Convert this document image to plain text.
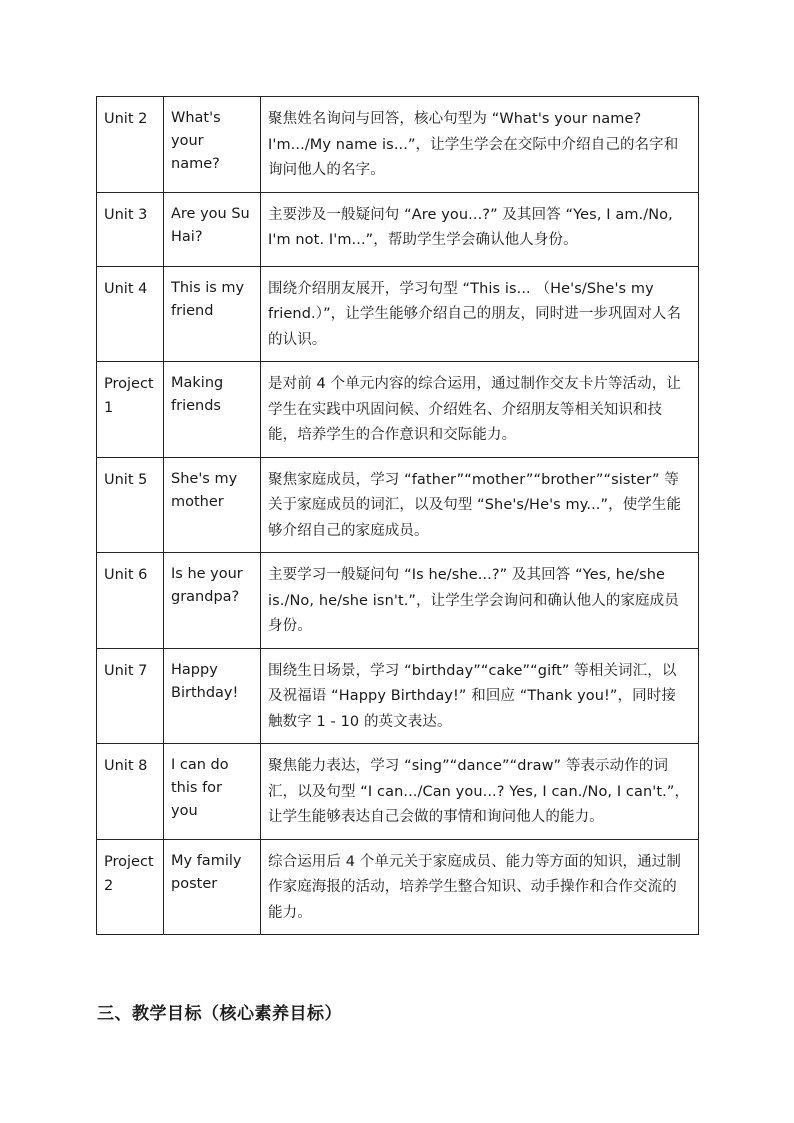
Unit 2	What's your name?	聚焦姓名询问与回答，核心句型为 “What's your name? I'm.../My name is...”，让学生学会在交际中介绍自己的名字和询问他人的名字。
Unit 3	Are you Su Hai?	主要涉及一般疑问句 “Are you...?” 及其回答 “Yes, I am./No, I'm not. I'm...”，帮助学生学会确认他人身份。
Unit 4	This is my friend	围绕介绍朋友展开，学习句型 “This is... （He's/She's my friend.）”，让学生能够介绍自己的朋友，同时进一步巩固对人名的认识。
Project 1	Making friends	是对前 4 个单元内容的综合运用，通过制作交友卡片等活动，让学生在实践中巩固问候、介绍姓名、介绍朋友等相关知识和技能，培养学生的合作意识和交际能力。
Unit 5	She's my mother	聚焦家庭成员，学习 “father”“mother”“brother”“sister” 等关于家庭成员的词汇，以及句型 “She's/He's my...”，使学生能够介绍自己的家庭成员。
Unit 6	Is he your grandpa?	主要学习一般疑问句 “Is he/she...?” 及其回答 “Yes, he/she is./No, he/she isn't.”，让学生学会询问和确认他人的家庭成员身份。
Unit 7	Happy Birthday!	围绕生日场景，学习 “birthday”“cake”“gift” 等相关词汇，以及祝福语 “Happy Birthday!” 和回应 “Thank you!”，同时接触数字 1 - 10 的英文表达。
Unit 8	I can do this for you	聚焦能力表达，学习 “sing”“dance”“draw” 等表示动作的词汇，以及句型 “I can.../Can you...? Yes, I can./No, I can't.”，让学生能够表达自己会做的事情和询问他人的能力。
Project 2	My family poster	综合运用后 4 个单元关于家庭成员、能力等方面的知识，通过制作家庭海报的活动，培养学生整合知识、动手操作和合作交流的能力。
三、教学目标（核心素养目标）
